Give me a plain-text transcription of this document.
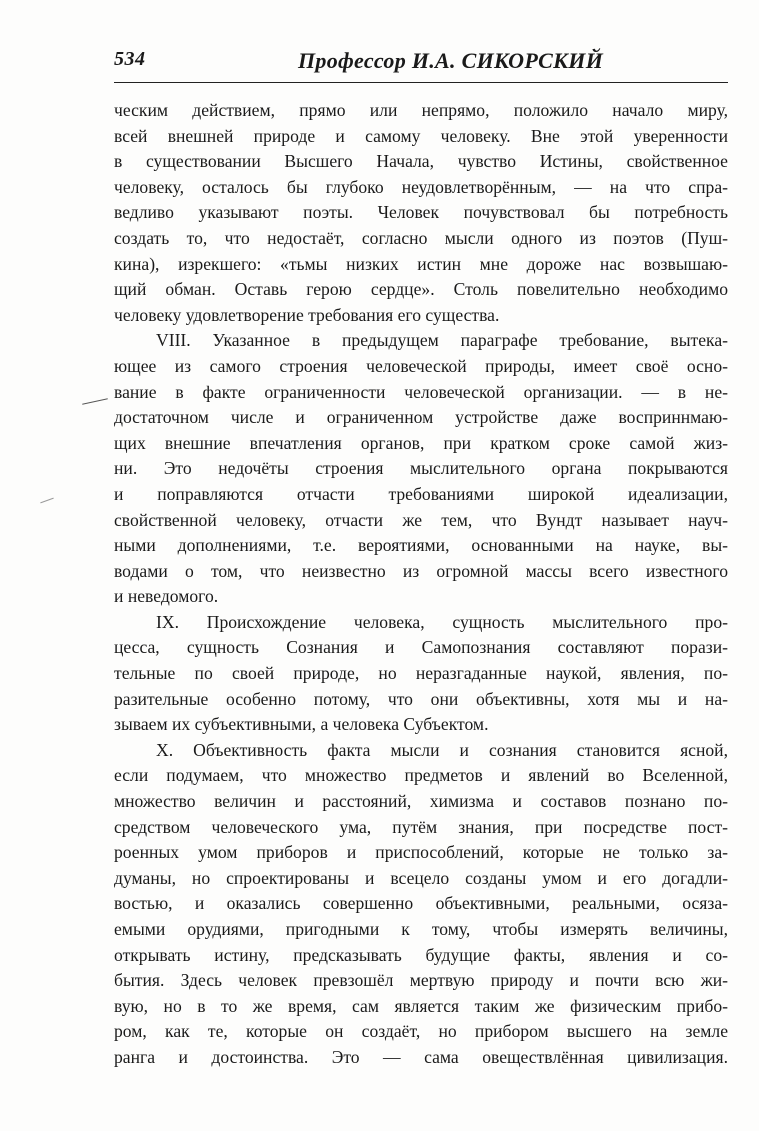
534	Профессор И.А. СИКОРСКИЙ
ческим действием, прямо или непрямо, положило начало миру,
всей внешней природе и самому человеку. Вне этой уверенности
в существовании Высшего Начала, чувство Истины, свойственное
человеку, осталось бы глубоко неудовлетворённым, — на что спра-
ведливо указывают поэты. Человек почувствовал бы потребность
создать то, что недостаёт, согласно мысли одного из поэтов (Пуш-
кина), изрекшего: «тьмы низких истин мне дороже нас возвышаю-
щий обман. Оставь герою сердце». Столь повелительно необходимо
человеку удовлетворение требования его существа.
VIII. Указанное в предыдущем параграфе требование, вытека-
ющее из самого строения человеческой природы, имеет своё осно-
вание в факте ограниченности человеческой организации. — в не-
достаточном числе и ограниченном устройстве даже восприннмаю-
щих внешние впечатления органов, при кратком сроке самой жиз-
ни. Это недочёты строения мыслительного органа покрываются
и поправляются отчасти требованиями широкой идеализации,
свойственной человеку, отчасти же тем, что Вундт называет науч-
ными дополнениями, т.е. вероятиями, основанными на науке, вы-
водами о том, что неизвестно из огромной массы всего известного
и неведомого.
IX. Происхождение человека, сущность мыслительного про-
цесса, сущность Сознания и Самопознания составляют порази-
тельные по своей природе, но неразгаданные наукой, явления, по-
разительные особенно потому, что они объективны, хотя мы и на-
зываем их субъективными, а человека Субъектом.
X. Объективность факта мысли и сознания становится ясной,
если подумаем, что множество предметов и явлений во Вселенной,
множество величин и расстояний, химизма и составов познано по-
средством человеческого ума, путём знания, при посредстве пост-
роенных умом приборов и приспособлений, которые не только за-
думаны, но спроектированы и всецело созданы умом и его догадли-
востью, и оказались совершенно объективными, реальными, осяза-
емыми орудиями, пригодными к тому, чтобы измерять величины,
открывать истину, предсказывать будущие факты, явления и со-
бытия. Здесь человек превзошёл мертвую природу и почти всю жи-
вую, но в то же время, сам является таким же физическим прибо-
ром, как те, которые он создаёт, но прибором высшего на земле
ранга и достоинства. Это — сама овеществлённая цивилизация.
